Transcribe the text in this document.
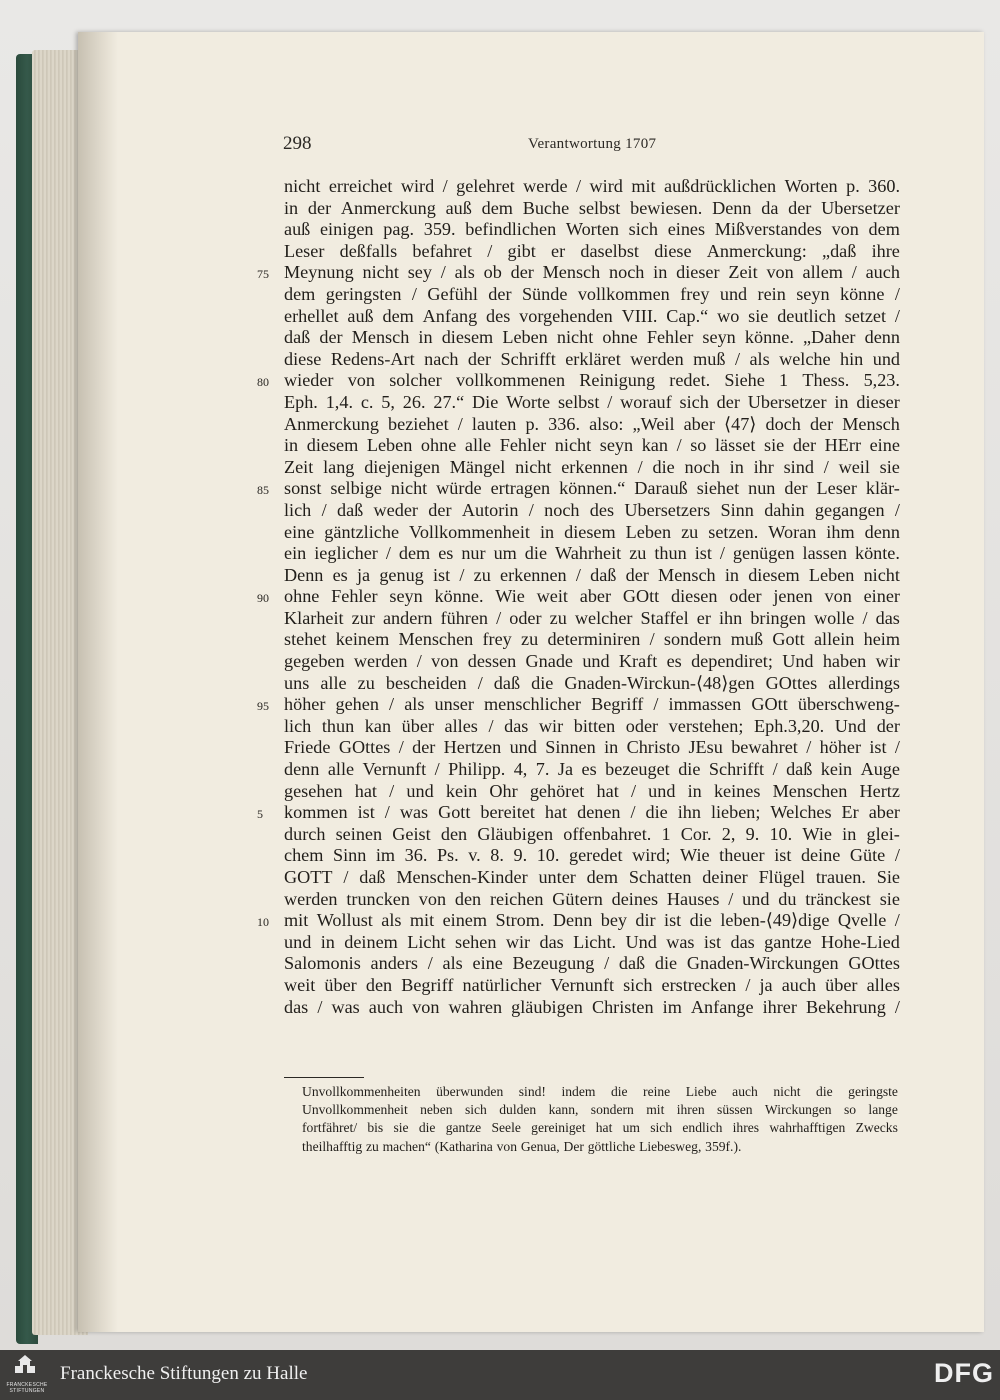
298	Verantwortung 1707
nicht erreichet wird / gelehret werde / wird mit außdrücklichen Worten p. 360.
in der Anmerckung auß dem Buche selbst bewiesen. Denn da der Ubersetzer
auß einigen pag. 359. befindlichen Worten sich eines Mißverstandes von dem
Leser deßfalls befahret / gibt er daselbst diese Anmerckung: „daß ihre
Meynung nicht sey / als ob der Mensch noch in dieser Zeit von allem / auch
dem geringsten / Gefühl der Sünde vollkommen frey und rein seyn könne /
erhellet auß dem Anfang des vorgehenden VIII. Cap.“ wo sie deutlich setzet /
daß der Mensch in diesem Leben nicht ohne Fehler seyn könne. „Daher denn
diese Redens-Art nach der Schrifft erkläret werden muß / als welche hin und
wieder von solcher vollkommenen Reinigung redet. Siehe 1 Thess. 5,23.
Eph. 1,4. c. 5, 26. 27.“ Die Worte selbst / worauf sich der Ubersetzer in dieser
Anmerckung beziehet / lauten p. 336. also: „Weil aber ⟨47⟩ doch der Mensch
in diesem Leben ohne alle Fehler nicht seyn kan / so lässet sie der HErr eine
Zeit lang diejenigen Mängel nicht erkennen / die noch in ihr sind / weil sie
sonst selbige nicht würde ertragen können.“ Darauß siehet nun der Leser klär-
lich / daß weder der Autorin / noch des Ubersetzers Sinn dahin gegangen /
eine gäntzliche Vollkommenheit in diesem Leben zu setzen. Woran ihm denn
ein ieglicher / dem es nur um die Wahrheit zu thun ist / genügen lassen könte.
Denn es ja genug ist / zu erkennen / daß der Mensch in diesem Leben nicht
ohne Fehler seyn könne. Wie weit aber GOtt diesen oder jenen von einer
Klarheit zur andern führen / oder zu welcher Staffel er ihn bringen wolle / das
stehet keinem Menschen frey zu determiniren / sondern muß Gott allein heim
gegeben werden / von dessen Gnade und Kraft es dependiret; Und haben wir
uns alle zu bescheiden / daß die Gnaden-Wirckun-⟨48⟩gen GOttes allerdings
höher gehen / als unser menschlicher Begriff / immassen GOtt überschweng-
lich thun kan über alles / das wir bitten oder verstehen; Eph.3,20. Und der
Friede GOttes / der Hertzen und Sinnen in Christo JEsu bewahret / höher ist /
denn alle Vernunft / Philipp. 4, 7. Ja es bezeuget die Schrifft / daß kein Auge
gesehen hat / und kein Ohr gehöret hat / und in keines Menschen Hertz
kommen ist / was Gott bereitet hat denen / die ihn lieben; Welches Er aber
durch seinen Geist den Gläubigen offenbahret. 1 Cor. 2, 9. 10. Wie in glei-
chem Sinn im 36. Ps. v. 8. 9. 10. geredet wird; Wie theuer ist deine Güte /
GOTT / daß Menschen-Kinder unter dem Schatten deiner Flügel trauen. Sie
werden truncken von den reichen Gütern deines Hauses / und du tränckest sie
mit Wollust als mit einem Strom. Denn bey dir ist die leben-⟨49⟩dige Qvelle /
und in deinem Licht sehen wir das Licht. Und was ist das gantze Hohe-Lied
Salomonis anders / als eine Bezeugung / daß die Gnaden-Wirckungen GOttes
weit über den Begriff natürlicher Vernunft sich erstrecken / ja auch über alles
das / was auch von wahren gläubigen Christen im Anfange ihrer Bekehrung /
75
80
85
90
95
5
10
Unvollkommenheiten überwunden sind! indem die reine Liebe auch nicht die geringste
Unvollkommenheit neben sich dulden kann, sondern mit ihren süssen Wirckungen so lange
fortfähret/ bis sie die gantze Seele gereiniget hat um sich endlich ihres wahrhafftigen Zwecks
theilhafftig zu machen“ (Katharina von Genua, Der göttliche Liebesweg, 359f.).
FRANCKESCHE STIFTUNGEN
Franckesche Stiftungen zu Halle	DFG
